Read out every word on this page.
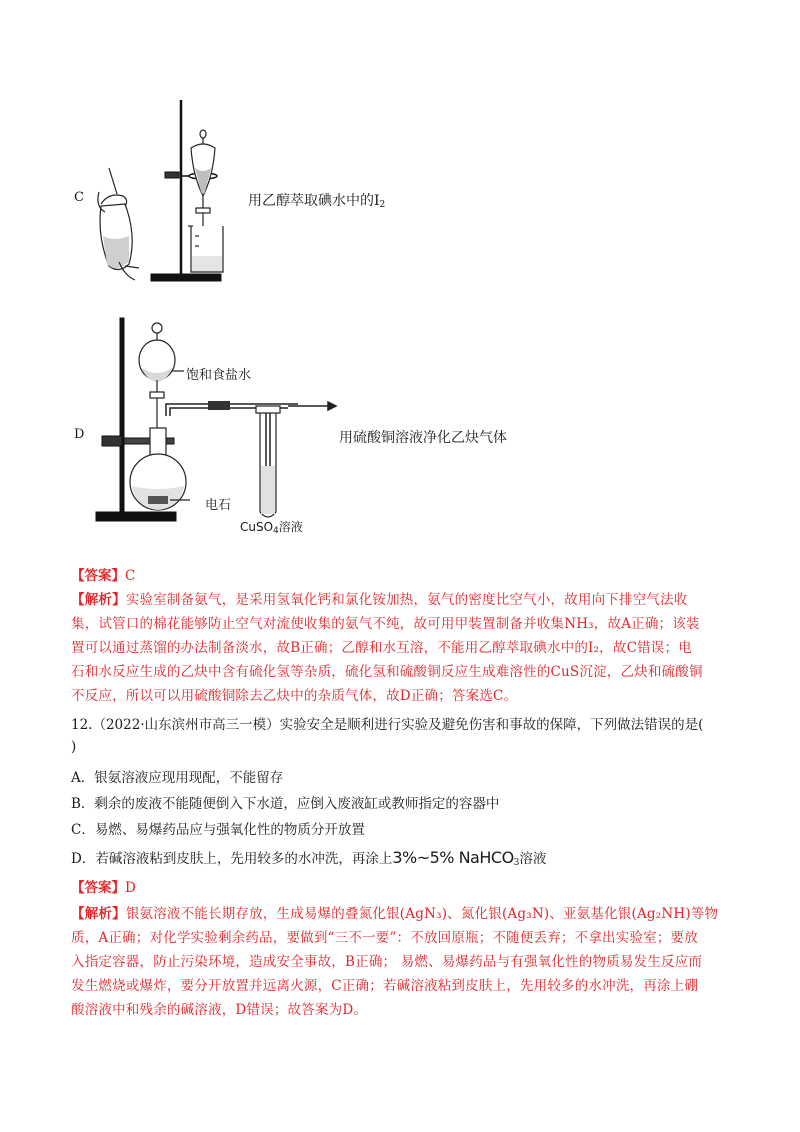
C	用乙醇萃取碘水中的$I_2$
D
饱和食盐水
电石
CuSO$_4$溶液
用硫酸铜溶液净化乙炔气体
【答案】C
【解析】实验室制备氨气，是采用氢氧化钙和氯化铵加热，氨气的密度比空气小，故用向下排空气法收
集，试管口的棉花能够防止空气对流使收集的氨气不纯，故可用甲装置制备并收集NH₃，故A正确；该装
置可以通过蒸馏的办法制备淡水，故B正确；乙醇和水互溶，不能用乙醇萃取碘水中的I₂，故C错误；电
石和水反应生成的乙炔中含有硫化氢等杂质，硫化氢和硫酸铜反应生成难溶性的CuS沉淀，乙炔和硫酸铜
不反应，所以可以用硫酸铜除去乙炔中的杂质气体，故D正确；答案选C。
12.（2022·山东滨州市高三一模）实验安全是顺利进行实验及避免伤害和事故的保障，下列做法错误的是(
)
A．银氨溶液应现用现配，不能留存
B．剩余的废液不能随便倒入下水道，应倒入废液缸或教师指定的容器中
C．易燃、易爆药品应与强氧化性的物质分开放置
D．若碱溶液粘到皮肤上，先用较多的水冲洗，再涂上3%~5% NaHCO$_3$溶液
【答案】D
【解析】银氨溶液不能长期存放，生成易爆的叠氮化银(AgN₃)、氮化银(Ag₃N)、亚氨基化银(Ag₂NH)等物
质，A正确；对化学实验剩余药品，要做到“三不一要”：不放回原瓶；不随便丢弃；不拿出实验室；要放
入指定容器，防止污染环境，造成安全事故，B正确； 易燃、易爆药品与有强氧化性的物质易发生反应而
发生燃烧或爆炸，要分开放置并远离火源，C正确；若碱溶液粘到皮肤上，先用较多的水冲洗，再涂上硼
酸溶液中和残余的碱溶液，D错误；故答案为D。
